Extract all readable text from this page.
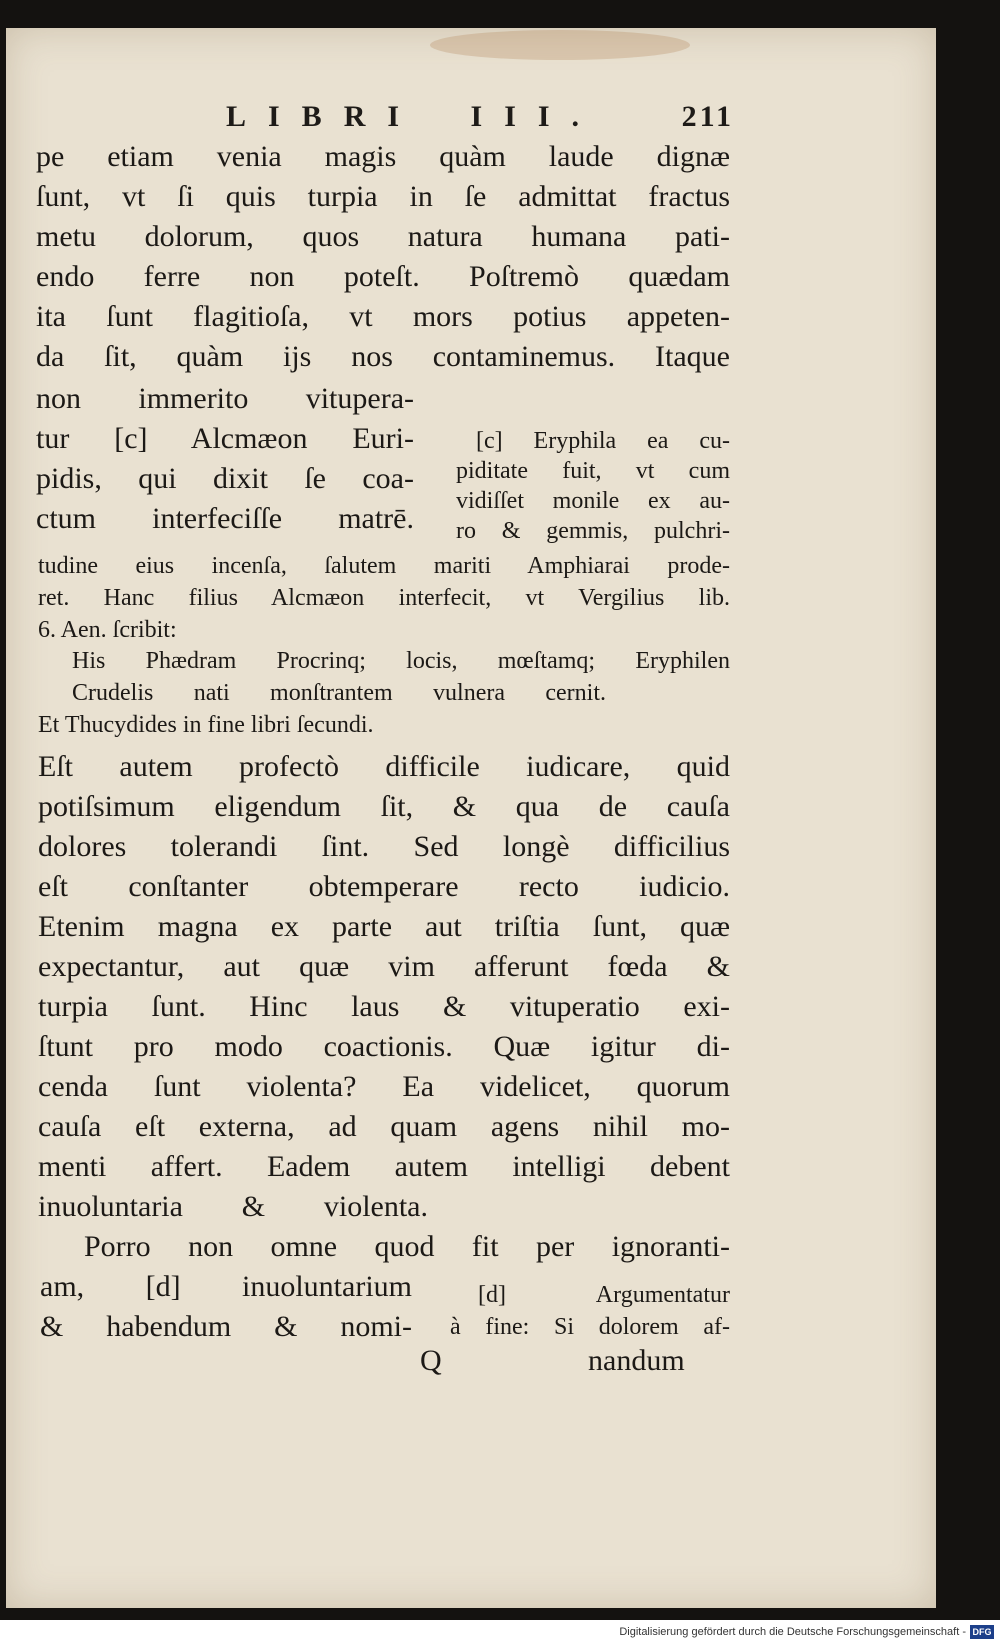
LIBRI III.	211
pe etiam venia magis quàm laude dignæ
ſunt, vt ſi quis turpia in ſe admittat fractus
metu dolorum, quos natura humana pati-
endo ferre non poteſt. Poſtremò quædam
ita ſunt flagitioſa, vt mors potius appeten-
da ſit, quàm ijs nos contaminemus. Itaque
non immerito vitupera-
tur [c] Alcmæon Euri-
pidis, qui dixit ſe coa-
ctum interfeciſſe matrē.
[c] Eryphila ea cu-
piditate fuit, vt cum
vidiſſet monile ex au-
ro & gemmis, pulchri-
tudine eius incenſa, ſalutem mariti Amphiarai prode-
ret. Hanc filius Alcmæon interfecit, vt Vergilius lib.
6. Aen. ſcribit:
His Phædram Procrinq; locis, mœſtamq; Eryphilen
Crudelis nati monſtrantem vulnera cernit.
Et Thucydides in fine libri ſecundi.
Eſt autem profectò difficile iudicare, quid
potiſsimum eligendum ſit, & qua de cauſa
dolores tolerandi ſint. Sed longè difficilius
eſt conſtanter obtemperare recto iudicio.
Etenim magna ex parte aut triſtia ſunt, quæ
expectantur, aut quæ vim afferunt fœda &
turpia ſunt. Hinc laus & vituperatio exi-
ſtunt pro modo coactionis. Quæ igitur di-
cenda ſunt violenta? Ea videlicet, quorum
cauſa eſt externa, ad quam agens nihil mo-
menti affert. Eadem autem intelligi debent
inuoluntaria & violenta.
Porro non omne quod fit per ignoranti-
am, [d] inuoluntarium
& habendum & nomi-
[d] Argumentatur
à fine: Si dolorem af-
Q	nandum
Digitalisierung gefördert durch die Deutsche Forschungsgemeinschaft - DFG
